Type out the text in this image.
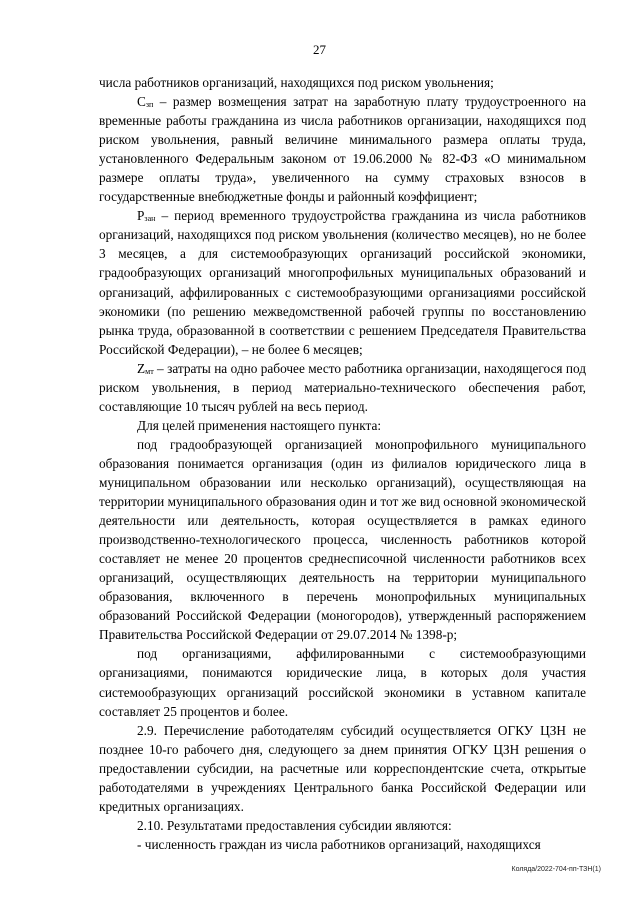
27

числа работников организаций, находящихся под риском увольнения;

$С_{зп}$ – размер возмещения затрат на заработную плату трудоустроенного на временные работы гражданина из числа работников организации, находящихся под риском увольнения, равный величине минимального размера оплаты труда, установленного Федеральным законом от 19.06.2000 № 82-ФЗ «О минимальном размере оплаты труда», увеличенного на сумму страховых взносов в государственные внебюджетные фонды и районный коэффициент;

$Р_{зан}$ – период временного трудоустройства гражданина из числа работников организаций, находящихся под риском увольнения (количество месяцев), но не более 3 месяцев, а для системообразующих организаций российской экономики, градообразующих организаций многопрофильных муниципальных образований и организаций, аффилированных с системообразующими организациями российской экономики (по решению межведомственной рабочей группы по восстановлению рынка труда, образованной в соответствии с решением Председателя Правительства Российской Федерации), – не более 6 месяцев;

$Z_{мт}$ – затраты на одно рабочее место работника организации, находящегося под риском увольнения, в период материально-технического обеспечения работ, составляющие 10 тысяч рублей на весь период.

Для целей применения настоящего пункта:

под градообразующей организацией монопрофильного муниципального образования понимается организация (один из филиалов юридического лица в муниципальном образовании или несколько организаций), осуществляющая на территории муниципального образования один и тот же вид основной экономической деятельности или деятельность, которая осуществляется в рамках единого производственно-технологического процесса, численность работников которой составляет не менее 20 процентов среднесписочной численности работников всех организаций, осуществляющих деятельность на территории муниципального образования, включенного в перечень монопрофильных муниципальных образований Российской Федерации (моногородов), утвержденный распоряжением Правительства Российской Федерации от 29.07.2014 № 1398-р;

под организациями, аффилированными с системообразующими организациями, понимаются юридические лица, в которых доля участия системообразующих организаций российской экономики в уставном капитале составляет 25 процентов и более.

2.9. Перечисление работодателям субсидий осуществляется ОГКУ ЦЗН не позднее 10-го рабочего дня, следующего за днем принятия ОГКУ ЦЗН решения о предоставлении субсидии, на расчетные или корреспондентские счета, открытые работодателями в учреждениях Центрального банка Российской Федерации или кредитных организациях.

2.10. Результатами предоставления субсидии являются:

- численность граждан из числа работников организаций, находящихся

Коляда/2022-704-пп-ТЗН(1)
